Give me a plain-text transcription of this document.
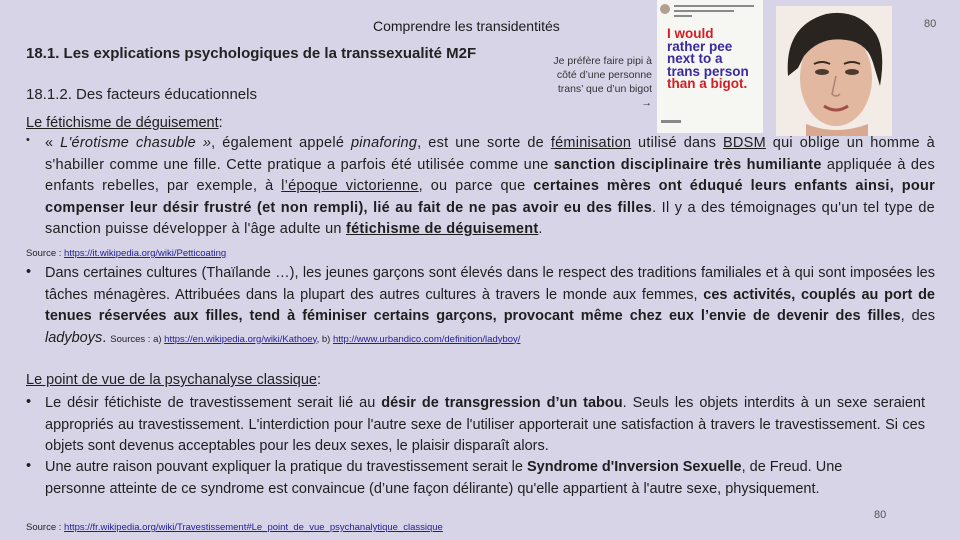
Comprendre les transidentités	80
18.1. Les explications psychologiques de la transsexualité M2F
18.1.2. Des facteurs éducationnels
Je préfère faire pipi à côté d’une personne trans’ que d’un bigot →
I would
rather pee
next to a
trans person
than a bigot.
Le fétichisme de déguisement:
• « L'érotisme chasuble », également appelé pinaforing, est une sorte de féminisation utilisé dans BDSM qui oblige un homme à s'habiller comme une fille. Cette pratique a parfois été utilisée comme une sanction disciplinaire très humiliante appliquée à des enfants rebelles, par exemple, à l’époque victorienne, ou parce que certaines mères ont éduqué leurs enfants ainsi, pour compenser leur désir frustré (et non rempli), lié au fait de ne pas avoir eu des filles. Il y a des témoignages qu'un tel type de sanction puisse développer à l'âge adulte un fétichisme de déguisement.
Source : https://it.wikipedia.org/wiki/Petticoating
• Dans certaines cultures (Thaïlande …), les jeunes garçons sont élevés dans le respect des traditions familiales et à qui sont imposées les tâches ménagères. Attribuées dans la plupart des autres cultures à travers le monde aux femmes, ces activités, couplés au port de tenues réservées aux filles, tend à féminiser certains garçons, provocant même chez eux l’envie de devenir des filles, des ladyboys. Sources : a) https://en.wikipedia.org/wiki/Kathoey, b) http://www.urbandico.com/definition/ladyboy/
Le point de vue de la psychanalyse classique:
• Le désir fétichiste de travestissement serait lié au désir de transgression d’un tabou. Seuls les objets interdits à un sexe seraient appropriés au travestissement. L'interdiction pour l'autre sexe de l'utiliser apporterait une satisfaction à travers le travestissement. Si ces objets sont devenus acceptables pour les deux sexes, le plaisir disparaît alors.
• Une autre raison pouvant expliquer la pratique du travestissement serait le Syndrome d'Inversion Sexuelle, de Freud. Une personne atteinte de ce syndrome est convaincue (d’une façon délirante) qu'elle appartient à l'autre sexe, physiquement.
80
Source : https://fr.wikipedia.org/wiki/Travestissement#Le_point_de_vue_psychanalytique_classique
